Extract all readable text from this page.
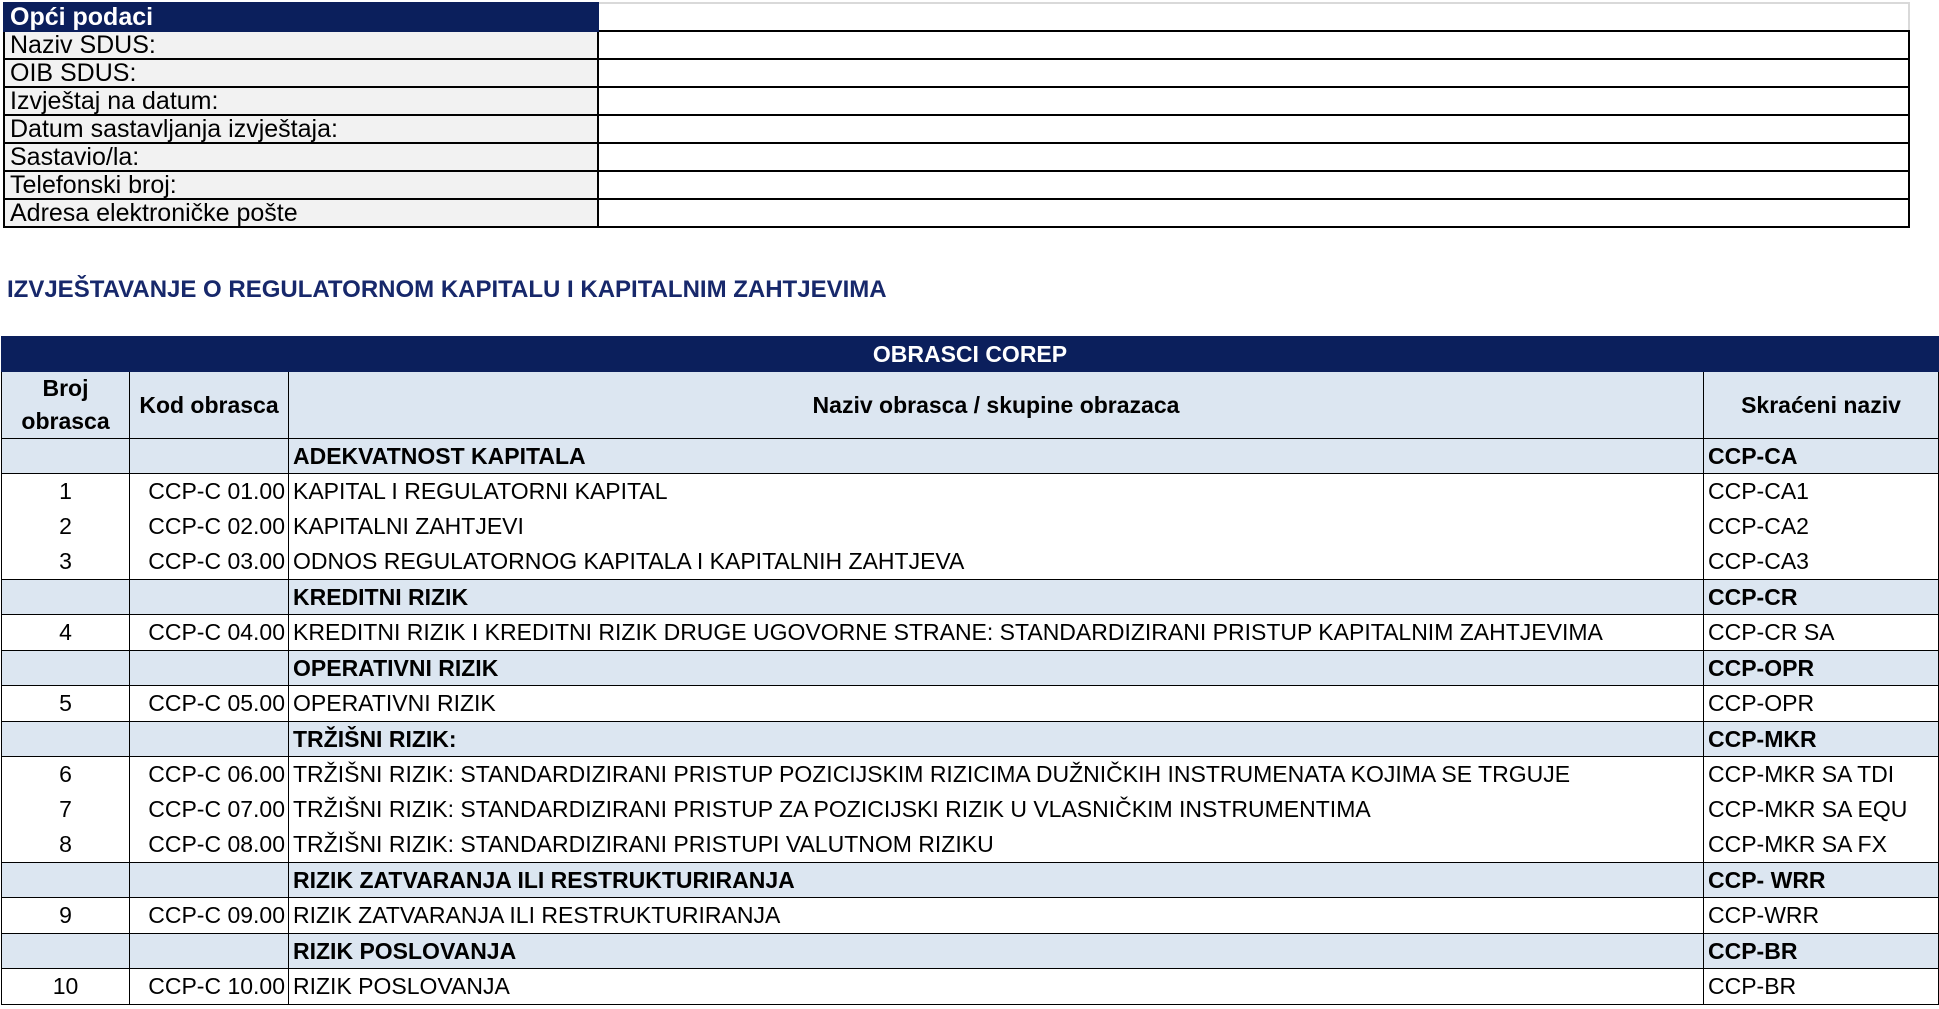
Opći podaci	
Naziv SDUS:	
OIB SDUS:	
Izvještaj na datum:	
Datum sastavljanja izvještaja:	
Sastavio/la:	
Telefonski broj:	
Adresa elektroničke pošte	
IZVJEŠTAVANJE O REGULATORNOM KAPITALU I KAPITALNIM ZAHTJEVIMA
OBRASCI COREP			
Broj obrasca	Kod obrasca	Naziv obrasca / skupine obrazaca	Skraćeni naziv
		ADEKVATNOST KAPITALA	CCP-CA
1	CCP-C 01.00	KAPITAL I REGULATORNI KAPITAL	CCP-CA1
2	CCP-C 02.00	KAPITALNI ZAHTJEVI	CCP-CA2
3	CCP-C 03.00	ODNOS REGULATORNOG KAPITALA I KAPITALNIH ZAHTJEVA	CCP-CA3
		KREDITNI RIZIK	CCP-CR
4	CCP-C 04.00	KREDITNI RIZIK I KREDITNI RIZIK DRUGE UGOVORNE STRANE: STANDARDIZIRANI PRISTUP KAPITALNIM ZAHTJEVIMA	CCP-CR SA
		OPERATIVNI RIZIK	CCP-OPR
5	CCP-C 05.00	OPERATIVNI RIZIK	CCP-OPR
		TRŽIŠNI RIZIK:	CCP-MKR
6	CCP-C 06.00	TRŽIŠNI RIZIK: STANDARDIZIRANI PRISTUP POZICIJSKIM RIZICIMA DUŽNIČKIH INSTRUMENATA KOJIMA SE TRGUJE	CCP-MKR SA TDI
7	CCP-C 07.00	TRŽIŠNI RIZIK: STANDARDIZIRANI PRISTUP ZA POZICIJSKI RIZIK U VLASNIČKIM INSTRUMENTIMA	CCP-MKR SA EQU
8	CCP-C 08.00	TRŽIŠNI RIZIK: STANDARDIZIRANI PRISTUPI VALUTNOM RIZIKU	CCP-MKR SA FX
		RIZIK ZATVARANJA ILI RESTRUKTURIRANJA	CCP- WRR
9	CCP-C 09.00	RIZIK ZATVARANJA ILI RESTRUKTURIRANJA	CCP-WRR
		RIZIK POSLOVANJA	CCP-BR
10	CCP-C 10.00	RIZIK POSLOVANJA	CCP-BR
